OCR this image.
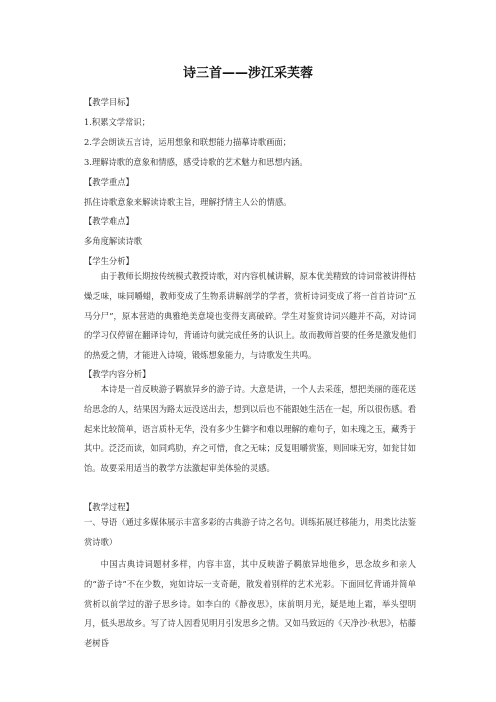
诗三首——涉江采芙蓉
【教学目标】
1.积累文学常识；
2.学会朗读五言诗，运用想象和联想能力描摹诗歌画面；
3.理解诗歌的意象和情感，感受诗歌的艺术魅力和思想内涵。
【教学重点】
抓住诗歌意象来解读诗歌主旨，理解抒情主人公的情感。
【教学难点】
多角度解读诗歌
【学生分析】
由于教师长期按传统模式教授诗歌，对内容机械讲解，原本优美精致的诗词常被讲得枯燥乏味，味同嚼蜡，教师变成了生物系讲解剖学的学者，赏析诗词变成了将一首首诗词“五马分尸”，原本营造的典雅绝美意境也变得支离破碎。学生对鉴赏诗词兴趣并不高，对诗词的学习仅停留在翻译诗句，背诵诗句就完成任务的认识上。故而教师首要的任务是激发他们的热爱之情，才能进入诗境，锻炼想象能力，与诗歌发生共鸣。
【教学内容分析】
本诗是一首反映游子羁旅异乡的游子诗。大意是讲，一个人去采莲，想把美丽的莲花送给思念的人，结果因为路太远没送出去，想到以后也不能跟她生活在一起，所以很伤感。看起来比较简单，语言质朴无华，没有多少生僻字和难以理解的难句子，如未瑰之玉，藏秀于其中。泛泛而读，如同鸡肋，弃之可惜，食之无味；反复咀嚼赏鉴，则回味无穷，如瓮甘如饴。故要采用适当的教学方法激起审美体验的灵感。
【教学过程】
一、导语（通过多媒体展示丰富多彩的古典游子诗之名句。训练拓展迁移能力，用类比法鉴赏诗歌）
中国古典诗词题材多样，内容丰富，其中反映游子羁旅异地他乡，思念故乡和亲人的“游子诗”不在少数，宛如诗坛一支奇葩，散发着别样的艺术光彩。下面回忆背诵并简单赏析以前学过的游子思乡诗。如李白的《静夜思》，床前明月光，疑是地上霜，举头望明月，低头思故乡。写了诗人因看见明月引发思乡之情。又如马致远的《天净沙·秋思》，枯藤老树昏
